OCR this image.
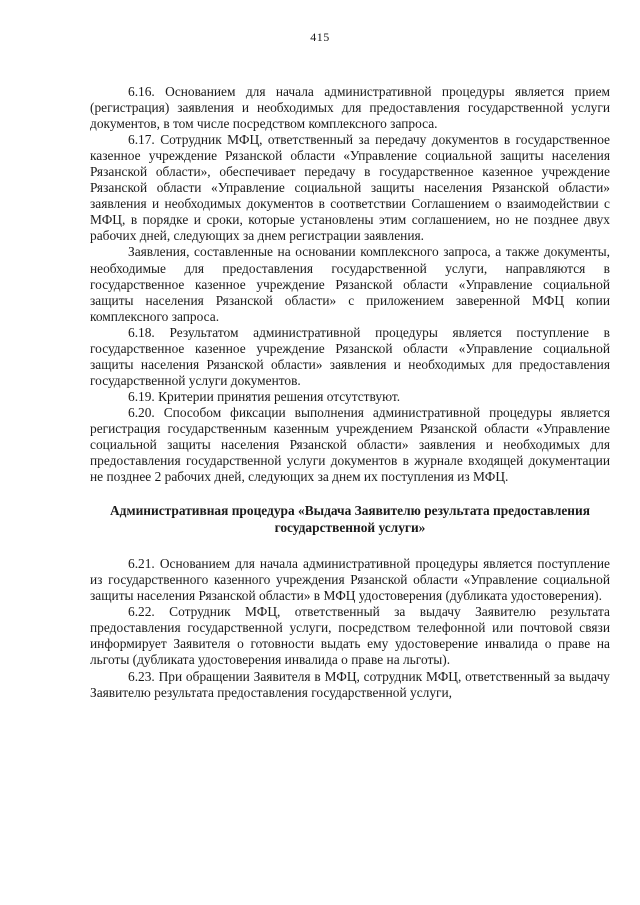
415

6.16. Основанием для начала административной процедуры является прием (регистрация) заявления и необходимых для предоставления государственной услуги документов, в том числе посредством комплексного запроса.

6.17. Сотрудник МФЦ, ответственный за передачу документов в государственное казенное учреждение Рязанской области «Управление социальной защиты населения Рязанской области», обеспечивает передачу в государственное казенное учреждение Рязанской области «Управление социальной защиты населения Рязанской области» заявления и необходимых документов в соответствии Соглашением о взаимодействии с МФЦ, в порядке и сроки, которые установлены этим соглашением, но не позднее двух рабочих дней, следующих за днем регистрации заявления.

Заявления, составленные на основании комплексного запроса, а также документы, необходимые для предоставления государственной услуги, направляются в государственное казенное учреждение Рязанской области «Управление социальной защиты населения Рязанской области» с приложением заверенной МФЦ копии комплексного запроса.

6.18. Результатом административной процедуры является поступление в государственное казенное учреждение Рязанской области «Управление социальной защиты населения Рязанской области» заявления и необходимых для предоставления государственной услуги документов.

6.19. Критерии принятия решения отсутствуют.

6.20. Способом фиксации выполнения административной процедуры является регистрация государственным казенным учреждением Рязанской области «Управление социальной защиты населения Рязанской области» заявления и необходимых для предоставления государственной услуги документов в журнале входящей документации не позднее 2 рабочих дней, следующих за днем их поступления из МФЦ.

Административная процедура «Выдача Заявителю результата предоставления государственной услуги»

6.21. Основанием для начала административной процедуры является поступление из государственного казенного учреждения Рязанской области «Управление социальной защиты населения Рязанской области» в МФЦ удостоверения (дубликата удостоверения).

6.22. Сотрудник МФЦ, ответственный за выдачу Заявителю результата предоставления государственной услуги, посредством телефонной или почтовой связи информирует Заявителя о готовности выдать ему удостоверение инвалида о праве на льготы (дубликата удостоверения инвалида о праве на льготы).

6.23. При обращении Заявителя в МФЦ, сотрудник МФЦ, ответственный за выдачу Заявителю результата предоставления государственной услуги,
